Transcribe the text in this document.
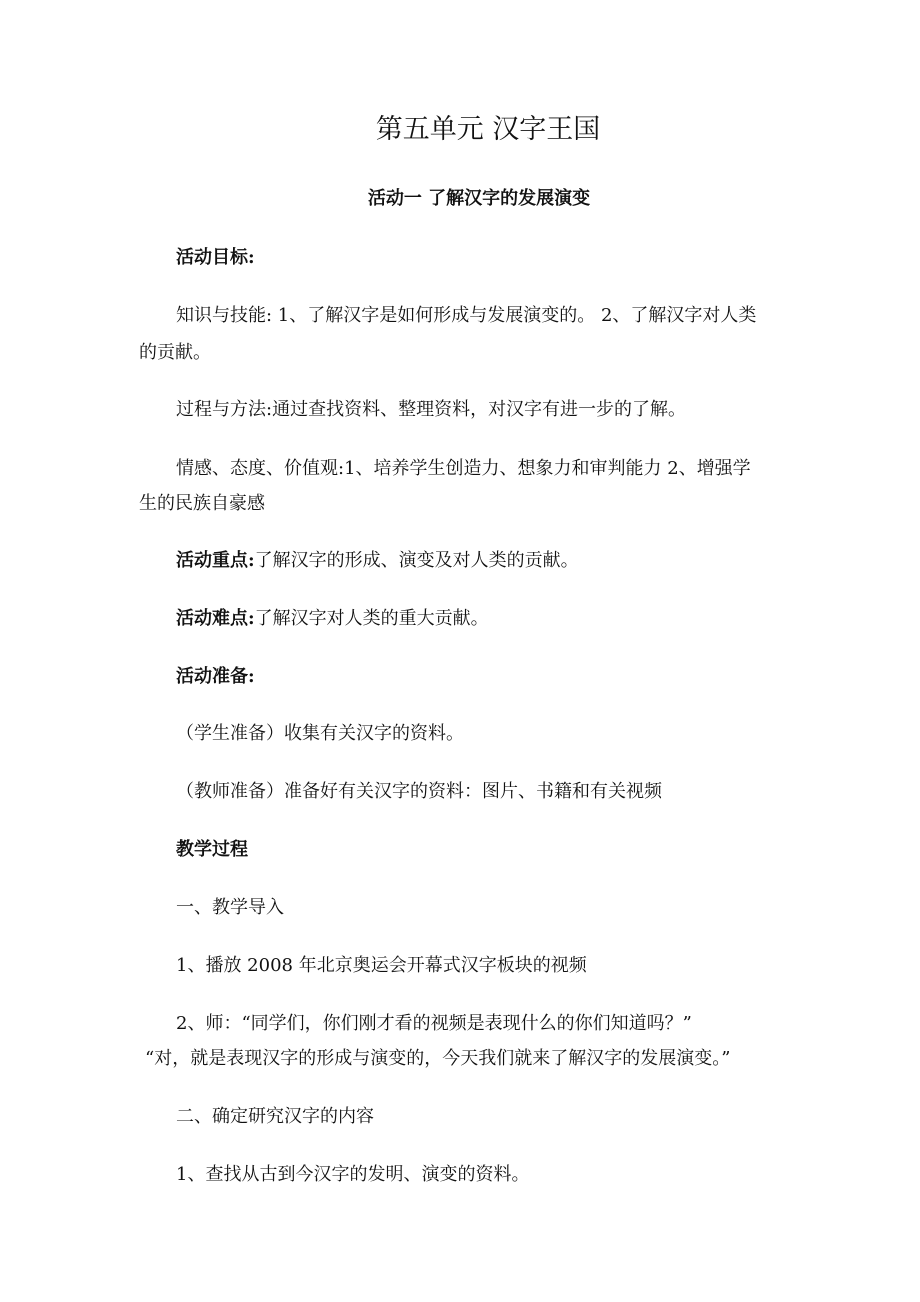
第五单元 汉字王国
活动一 了解汉字的发展演变
活动目标:
知识与技能: 1、了解汉字是如何形成与发展演变的。 2、了解汉字对人类
的贡献。
过程与方法:通过查找资料、整理资料，对汉字有进一步的了解。
情感、态度、价值观:1、培养学生创造力、想象力和审判能力 2、增强学
生的民族自豪感
活动重点:了解汉字的形成、演变及对人类的贡献。
活动难点:了解汉字对人类的重大贡献。
活动准备:
（学生准备）收集有关汉字的资料。
（教师准备）准备好有关汉字的资料：图片、书籍和有关视频
教学过程
一、教学导入
1、播放 2008 年北京奥运会开幕式汉字板块的视频
2、师：“同学们，你们刚才看的视频是表现什么的你们知道吗？”
“对，就是表现汉字的形成与演变的，今天我们就来了解汉字的发展演变。”
二、确定研究汉字的内容
1、查找从古到今汉字的发明、演变的资料。
